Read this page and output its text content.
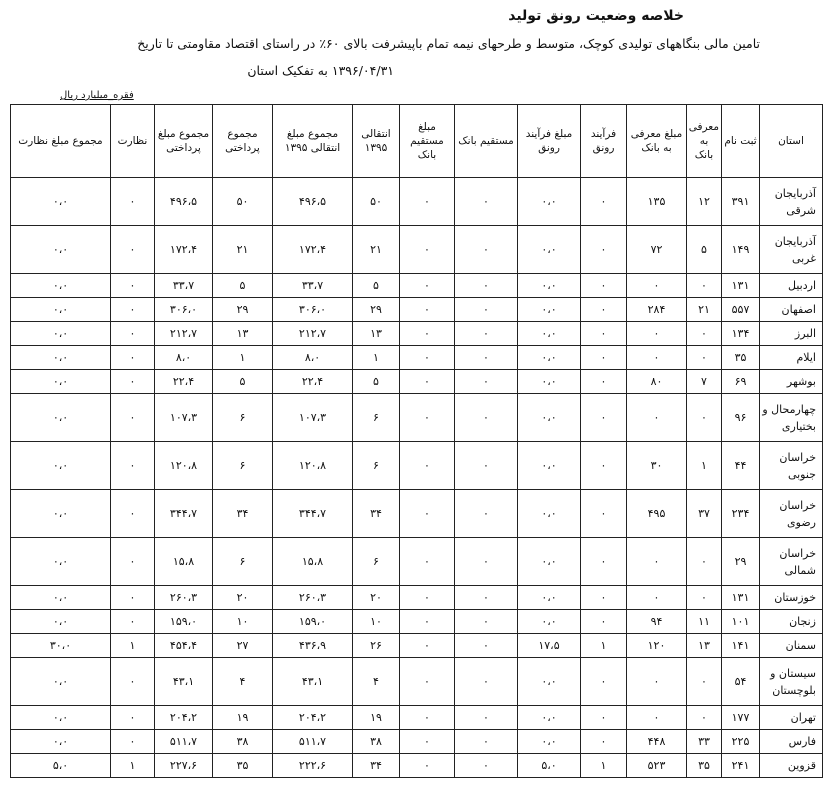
خلاصه وضعیت رونق تولید
تامین مالی بنگاههای تولیدی کوچک، متوسط و طرحهای نیمه تمام باپیشرفت بالای ۶۰٪ در راستای اقتصاد مقاومتی تا تاریخ
۱۳۹۶/۰۴/۳۱ به تفکیک استان
فقره_میلیارد ریال
استان	ثبت نام	معرفی به بانک	مبلغ معرفی به بانک	فرآیند رونق	مبلغ فرآیند رونق	مستقیم بانک	مبلغ مستقیم بانک	انتقالی ۱۳۹۵	مجموع مبلغ انتقالی ۱۳۹۵	مجموع پرداختی	مجموع مبلغ پرداختی	نظارت	مجموع مبلغ نظارت
آذربایجان شرقی	۳۹۱	۱۲	۱۳۵	۰	۰،۰	۰	۰	۵۰	۴۹۶،۵	۵۰	۴۹۶،۵	۰	۰،۰
آذربایجان غربی	۱۴۹	۵	۷۲	۰	۰،۰	۰	۰	۲۱	۱۷۲،۴	۲۱	۱۷۲،۴	۰	۰،۰
اردبیل	۱۳۱	۰	۰	۰	۰،۰	۰	۰	۵	۳۳،۷	۵	۳۳،۷	۰	۰،۰
اصفهان	۵۵۷	۲۱	۲۸۴	۰	۰،۰	۰	۰	۲۹	۳۰۶،۰	۲۹	۳۰۶،۰	۰	۰،۰
البرز	۱۳۴	۰	۰	۰	۰،۰	۰	۰	۱۳	۲۱۲،۷	۱۳	۲۱۲،۷	۰	۰،۰
ایلام	۳۵	۰	۰	۰	۰،۰	۰	۰	۱	۸،۰	۱	۸،۰	۰	۰،۰
بوشهر	۶۹	۷	۸۰	۰	۰،۰	۰	۰	۵	۲۲،۴	۵	۲۲،۴	۰	۰،۰
چهارمحال و بختیاری	۹۶	۰	۰	۰	۰،۰	۰	۰	۶	۱۰۷،۳	۶	۱۰۷،۳	۰	۰،۰
خراسان جنوبی	۴۴	۱	۳۰	۰	۰،۰	۰	۰	۶	۱۲۰،۸	۶	۱۲۰،۸	۰	۰،۰
خراسان رضوی	۲۳۴	۳۷	۴۹۵	۰	۰،۰	۰	۰	۳۴	۳۴۴،۷	۳۴	۳۴۴،۷	۰	۰،۰
خراسان شمالی	۲۹	۰	۰	۰	۰،۰	۰	۰	۶	۱۵،۸	۶	۱۵،۸	۰	۰،۰
خوزستان	۱۳۱	۰	۰	۰	۰،۰	۰	۰	۲۰	۲۶۰،۳	۲۰	۲۶۰،۳	۰	۰،۰
زنجان	۱۰۱	۱۱	۹۴	۰	۰،۰	۰	۰	۱۰	۱۵۹،۰	۱۰	۱۵۹،۰	۰	۰،۰
سمنان	۱۴۱	۱۳	۱۲۰	۱	۱۷،۵	۰	۰	۲۶	۴۳۶،۹	۲۷	۴۵۴،۴	۱	۳۰،۰
سیستان و بلوچستان	۵۴	۰	۰	۰	۰،۰	۰	۰	۴	۴۳،۱	۴	۴۳،۱	۰	۰،۰
تهران	۱۷۷	۰	۰	۰	۰،۰	۰	۰	۱۹	۲۰۴،۲	۱۹	۲۰۴،۲	۰	۰،۰
فارس	۲۲۵	۳۳	۴۴۸	۰	۰،۰	۰	۰	۳۸	۵۱۱،۷	۳۸	۵۱۱،۷	۰	۰،۰
قزوین	۲۴۱	۳۵	۵۲۳	۱	۵،۰	۰	۰	۳۴	۲۲۲،۶	۳۵	۲۲۷،۶	۱	۵،۰
